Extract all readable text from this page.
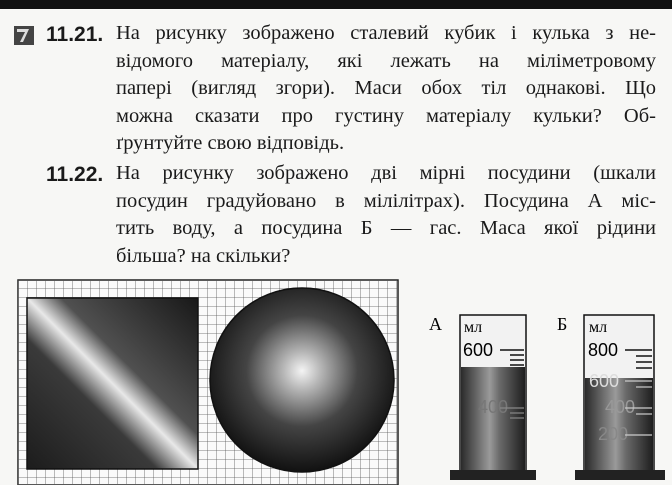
11.21. На рисунку зображено сталевий кубик і кулька з не-
відомого матеріалу, які лежать на міліметровому
папері (вигляд згори). Маси обох тіл однакові. Що
можна сказати про густину матеріалу кульки? Об-
ґрунтуйте свою відповідь.
11.22. На рисунку зображено дві мірні посудини (шкали
посудин градуйовано в мілілітрах). Посудина А міс-
тить воду, а посудина Б — гас. Маса якої рідини
більша? на скільки?
А мл
600
400
Б мл
800
600
400
200
